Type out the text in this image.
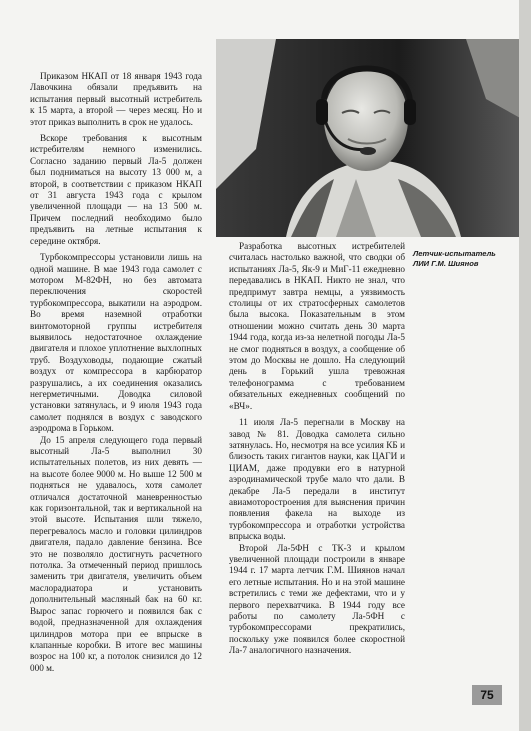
Приказом НКАП от 18 января 1943 года Лавочкина обязали предъявить на испытания первый высотный истребитель к 15 марта, а второй — через месяц. Но и этот приказ выполнить в срок не удалось.

Вскоре требования к высотным истребителям немного изменились. Согласно заданию первый Ла-5 должен был подниматься на высоту 13 000 м, а второй, в соответствии с приказом НКАП от 31 августа 1943 года с крылом увеличенной площади — на 13 500 м. Причем последний необходимо было предъявить на летные испытания к середине октября.

Турбокомпрессоры установили лишь на одной машине. В мае 1943 года самолет с мотором М-82ФН, но без автомата переключения скоростей турбокомпрессора, выкатили на аэродром. Во время наземной отработки винтомоторной группы истребителя выявилось недостаточное охлаждение двигателя и плохое уплотнение выхлопных труб. Воздуховоды, подающие сжатый воздух от компрессора в карбюратор разрушались, а их соединения оказались негерметичными. Доводка силовой установки затянулась, и 9 июля 1943 года самолет поднялся в воздух с заводского аэродрома в Горьком.

До 15 апреля следующего года первый высотный Ла-5 выполнил 30 испытательных полетов, из них девять — на высоте более 9000 м. Но выше 12 500 м подняться не удавалось, хотя самолет отличался достаточной маневренностью как горизонтальной, так и вертикальной на этой высоте. Испытания шли тяжело, перегревалось масло и головки цилиндров двигателя, падало давление бензина. Все это не позволяло достигнуть расчетного потолка. За отмеченный период пришлось заменить три двигателя, увеличить объем маслорадиатора и установить дополнительный масляный бак на 60 кг. Вырос запас горючего и появился бак с водой, предназначенной для охлаждения цилиндров мотора при ее впрыске в клапанные коробки. В итоге вес машины возрос на 100 кг, а потолок снизился до 12 000 м.

Разработка высотных истребителей считалась настолько важной, что сводки об испытаниях Ла-5, Як-9 и МиГ-11 ежедневно передавались в НКАП. Никто не знал, что предпримут завтра немцы, а уязвимость столицы от их стратосферных самолетов была высока. Показательным в этом отношении можно считать день 30 марта 1944 года, когда из-за нелетной погоды Ла-5 не смог подняться в воздух, а сообщение об этом до Москвы не дошло. На следующий день в Горький ушла тревожная телефонограмма с требованием обязательных ежедневных сообщений по «ВЧ».

11 июля Ла-5 перегнали в Москву на завод № 81. Доводка самолета сильно затянулась. Но, несмотря на все усилия КБ и близость таких гигантов науки, как ЦАГИ и ЦИАМ, даже продувки его в натурной аэродинамической трубе мало что дали. В декабре Ла-5 передали в институт авиамоторостроения для выяснения причин появления факела на выходе из турбокомпрессора и отработки устройства впрыска воды.

Второй Ла-5ФН с ТК-3 и крылом увеличенной площади построили в январе 1944 г. 17 марта летчик Г.М. Шиянов начал его летные испытания. Но и на этой машине встретились с теми же дефектами, что и у первого перехватчика. В 1944 году все работы по самолету Ла-5ФН с турбокомпрессорами прекратились, поскольку уже появился более скоростной Ла-7 аналогичного назначения.

Летчик-испытатель ЛИИ Г.М. Шиянов
75
